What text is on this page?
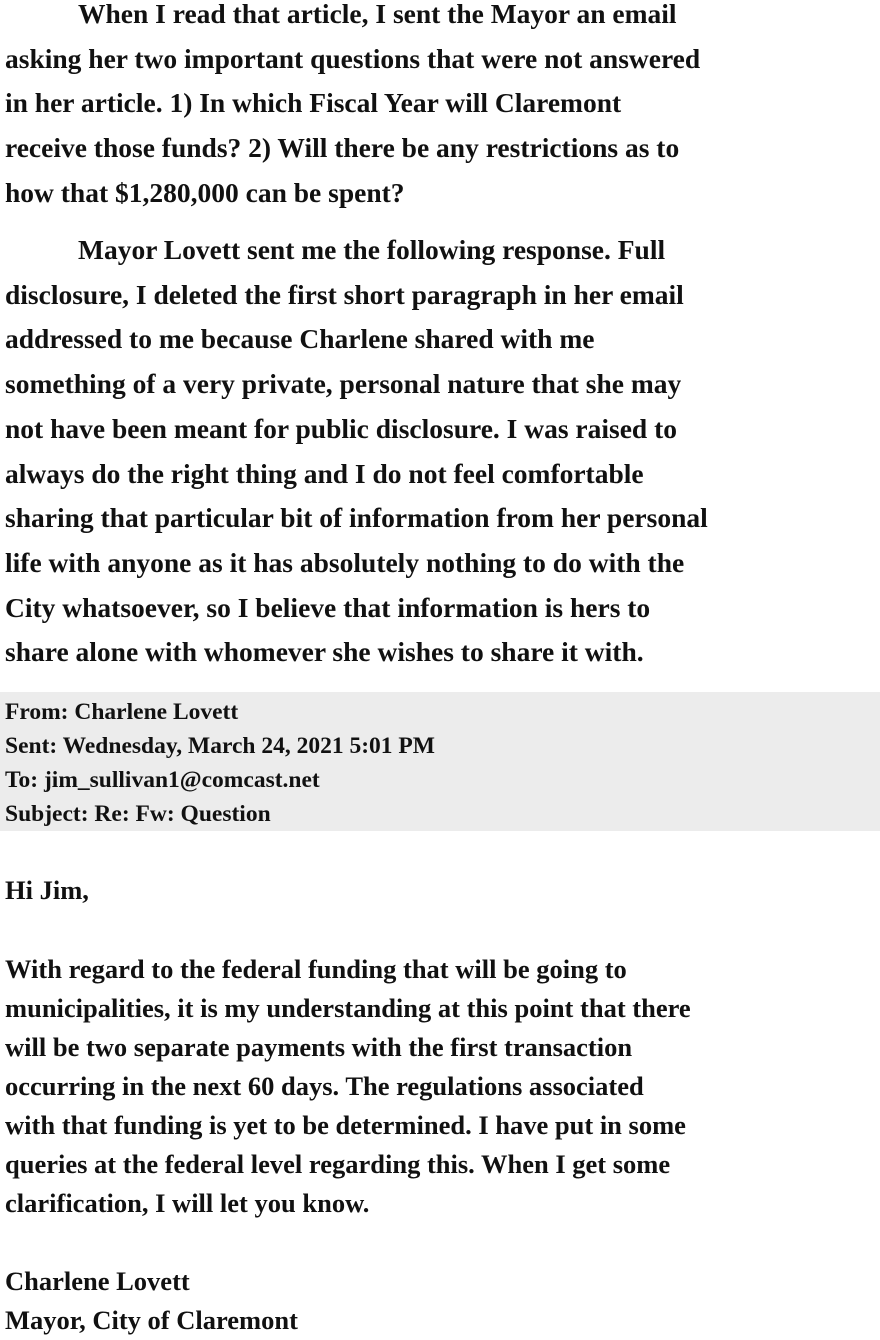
When I read that article, I sent the Mayor an email
asking her two important questions that were not answered
in her article. 1) In which Fiscal Year will Claremont
receive those funds? 2) Will there be any restrictions as to
how that $1,280,000 can be spent?

Mayor Lovett sent me the following response. Full
disclosure, I deleted the first short paragraph in her email
addressed to me because Charlene shared with me
something of a very private, personal nature that she may
not have been meant for public disclosure. I was raised to
always do the right thing and I do not feel comfortable
sharing that particular bit of information from her personal
life with anyone as it has absolutely nothing to do with the
City whatsoever, so I believe that information is hers to
share alone with whomever she wishes to share it with.

From: Charlene Lovett
Sent: Wednesday, March 24, 2021 5:01 PM
To: jim_sullivan1@comcast.net
Subject: Re: Fw: Question

Hi Jim,

With regard to the federal funding that will be going to
municipalities, it is my understanding at this point that there
will be two separate payments with the first transaction
occurring in the next 60 days. The regulations associated
with that funding is yet to be determined. I have put in some
queries at the federal level regarding this. When I get some
clarification, I will let you know.

Charlene Lovett
Mayor, City of Claremont
